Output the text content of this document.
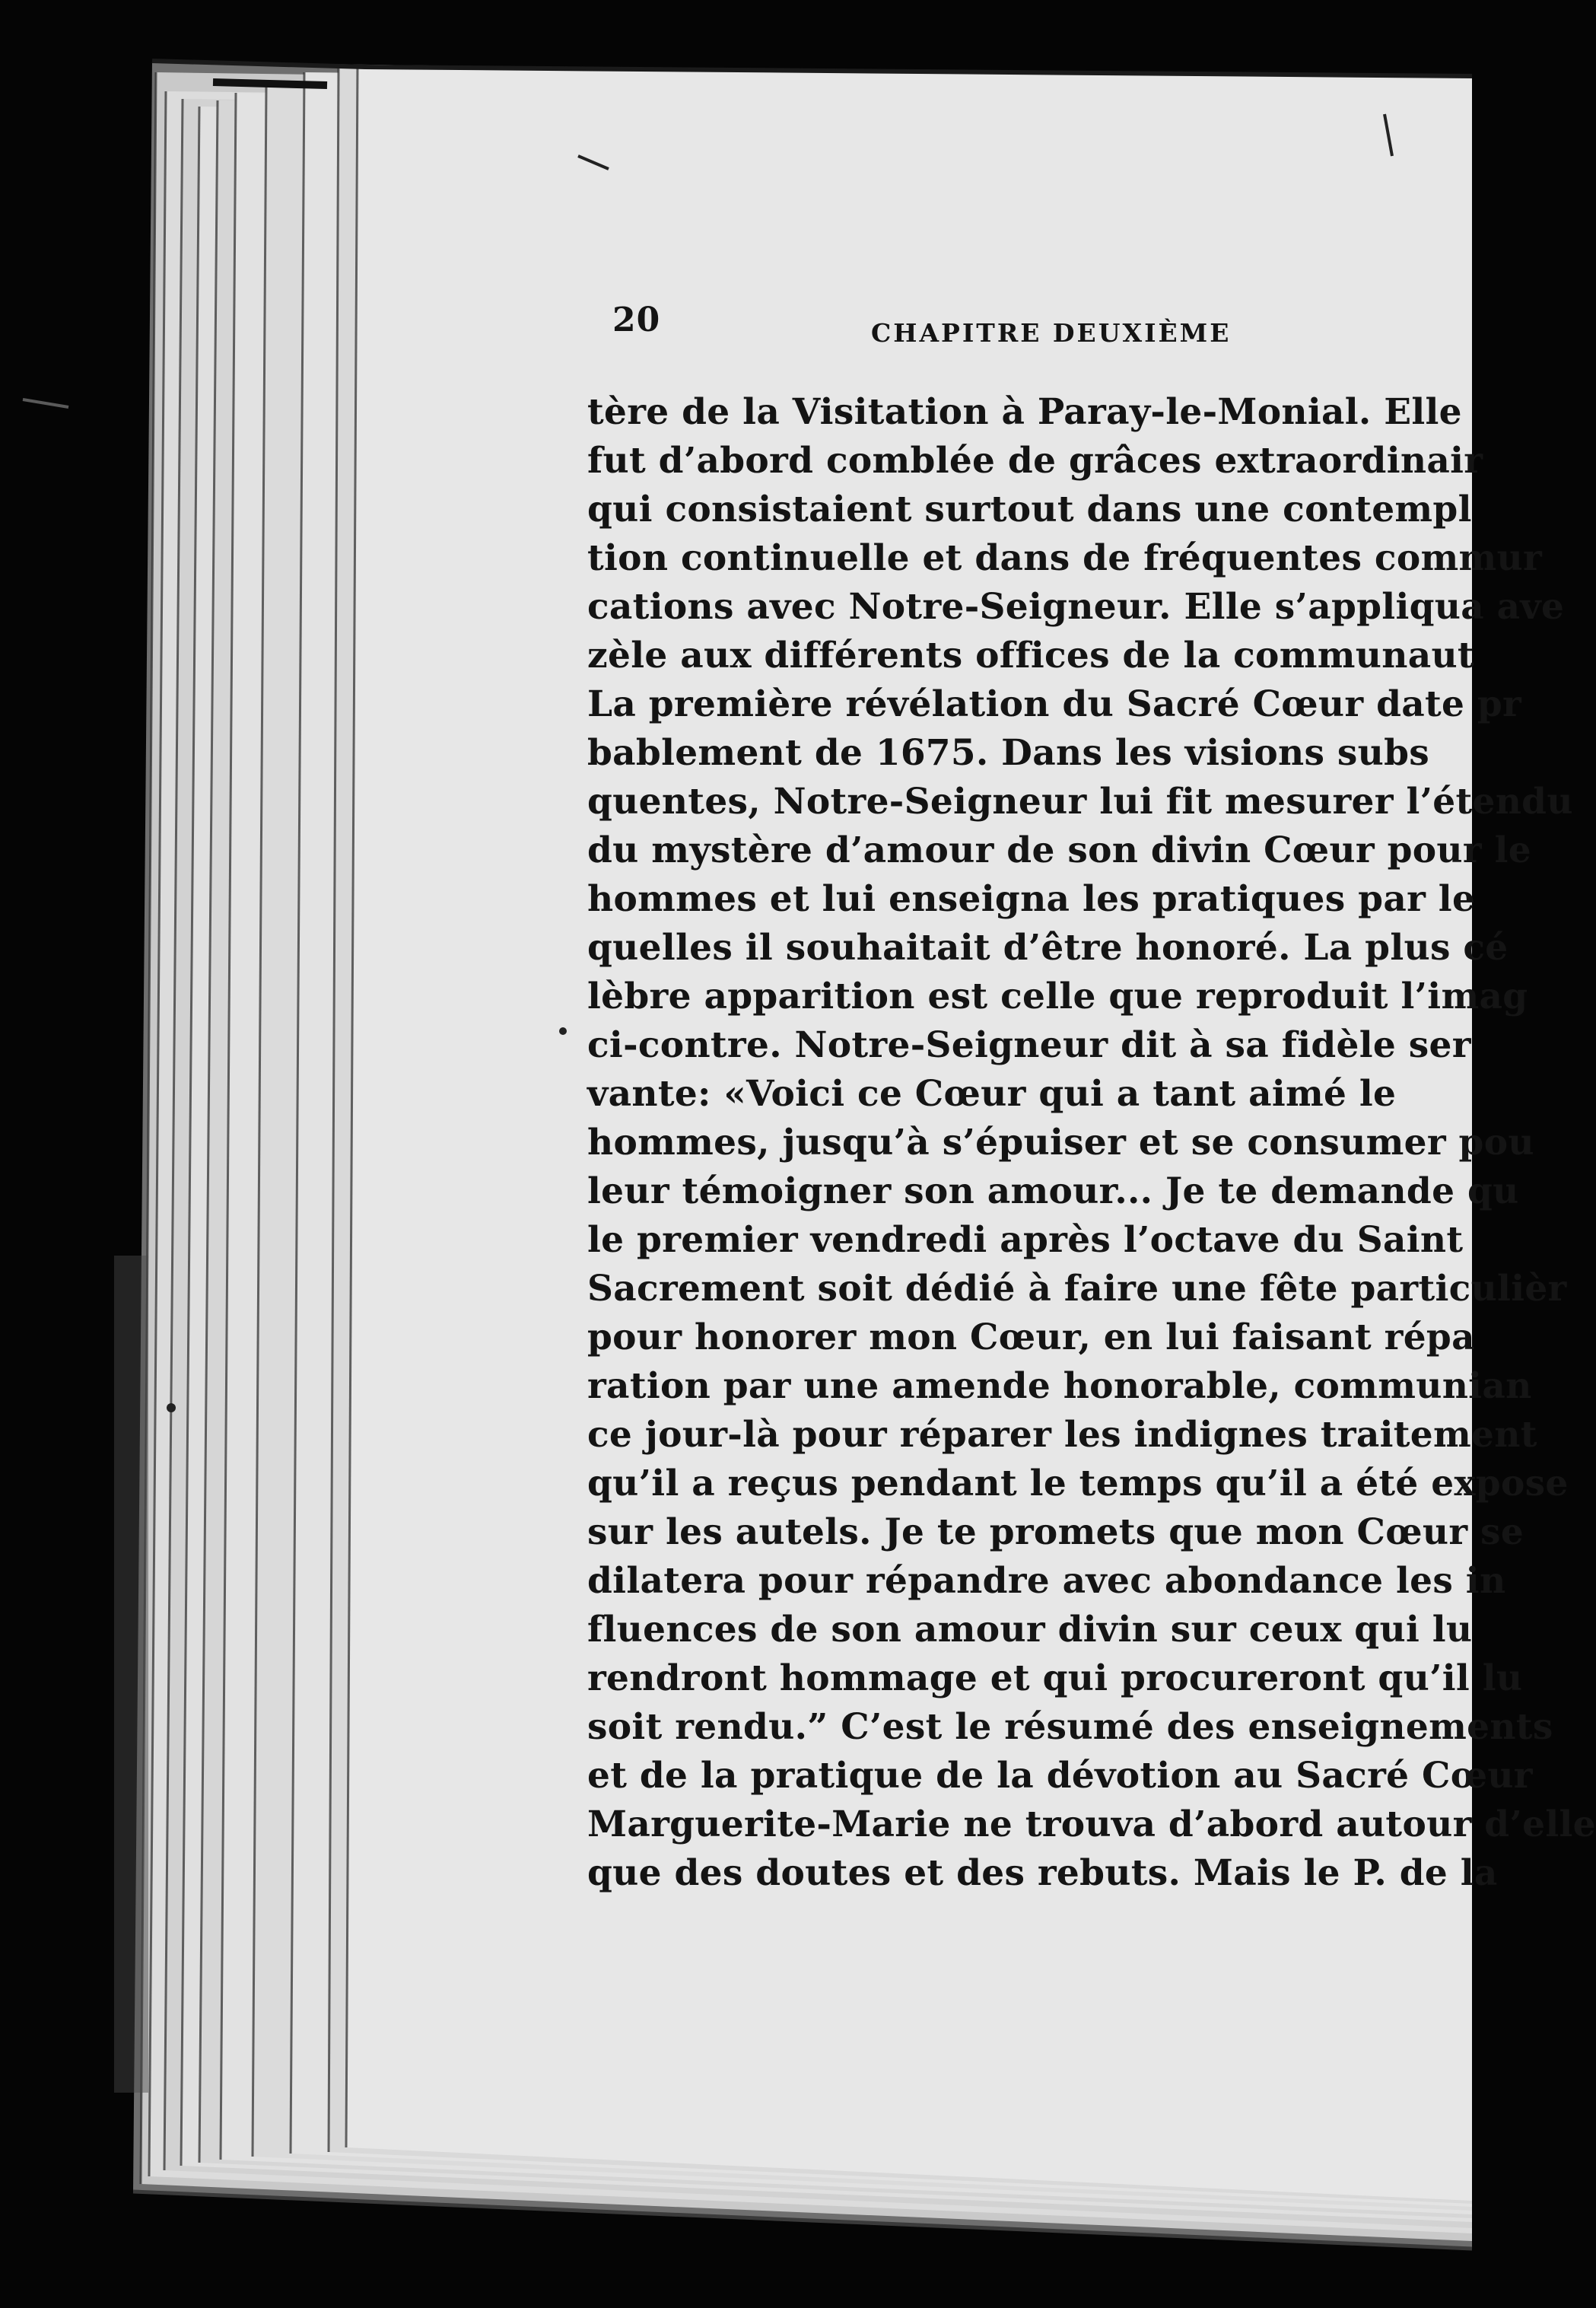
20	CHAPITRE DEUXIÈME
tère de la Visitation à Paray-le-Monial. Elle
fut d’abord comblée de grâces extraordinair
qui consistaient surtout dans une contempl
tion continuelle et dans de fréquentes commur
cations avec Notre-Seigneur. Elle s’appliqua ave
zèle aux différents offices de la communaut
La première révélation du Sacré Cœur date pr
bablement de 1675. Dans les visions subs
quentes, Notre-Seigneur lui fit mesurer l’étendu
du mystère d’amour de son divin Cœur pour le
hommes et lui enseigna les pratiques par le
quelles il souhaitait d’être honoré. La plus cé
lèbre apparition est celle que reproduit l’imag
ci-contre. Notre-Seigneur dit à sa fidèle ser
vante: «Voici ce Cœur qui a tant aimé le
hommes, jusqu’à s’épuiser et se consumer pou
leur témoigner son amour... Je te demande qu
le premier vendredi après l’octave du Saint
Sacrement soit dédié à faire une fête particulièr
pour honorer mon Cœur, en lui faisant répa
ration par une amende honorable, communian
ce jour-là pour réparer les indignes traitement
qu’il a reçus pendant le temps qu’il a été expose
sur les autels. Je te promets que mon Cœur se
dilatera pour répandre avec abondance les in
fluences de son amour divin sur ceux qui lu
rendront hommage et qui procureront qu’il lu
soit rendu.” C’est le résumé des enseignements
et de la pratique de la dévotion au Sacré Cœur
Marguerite-Marie ne trouva d’abord autour d’elle
que des doutes et des rebuts. Mais le P. de la
